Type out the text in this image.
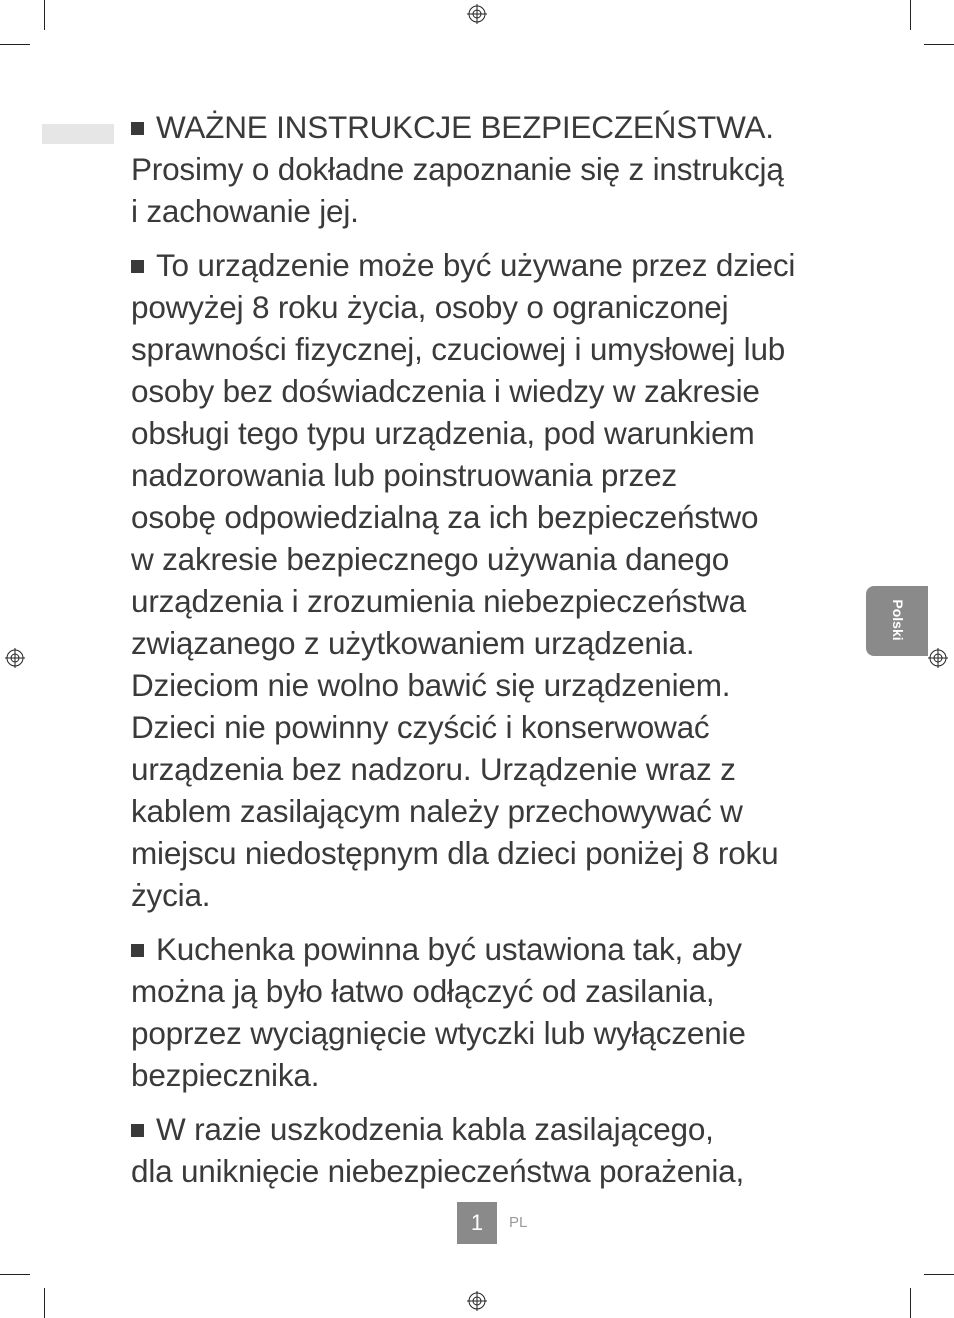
WAŻNE INSTRUKCJE BEZPIECZEŃSTWA.
Prosimy o dokładne zapoznanie się z instrukcją
i zachowanie jej.

To urządzenie może być używane przez dzieci
powyżej 8 roku życia, osoby o ograniczonej
sprawności fizycznej, czuciowej i umysłowej lub
osoby bez doświadczenia i wiedzy w zakresie
obsługi tego typu urządzenia, pod warunkiem
nadzorowania lub poinstruowania przez
osobę odpowiedzialną za ich bezpieczeństwo
w zakresie bezpiecznego używania danego
urządzenia i zrozumienia niebezpieczeństwa
związanego z użytkowaniem urządzenia.
Dzieciom nie wolno bawić się urządzeniem.
Dzieci nie powinny czyścić i konserwować
urządzenia bez nadzoru. Urządzenie wraz z
kablem zasilającym należy przechowywać w
miejscu niedostępnym dla dzieci poniżej 8 roku
życia.

Kuchenka powinna być ustawiona tak, aby
można ją było łatwo odłączyć od zasilania,
poprzez wyciągnięcie wtyczki lub wyłączenie
bezpiecznika.

W razie uszkodzenia kabla zasilającego,
dla uniknięcie niebezpieczeństwa porażenia,

Polski
1	PL
